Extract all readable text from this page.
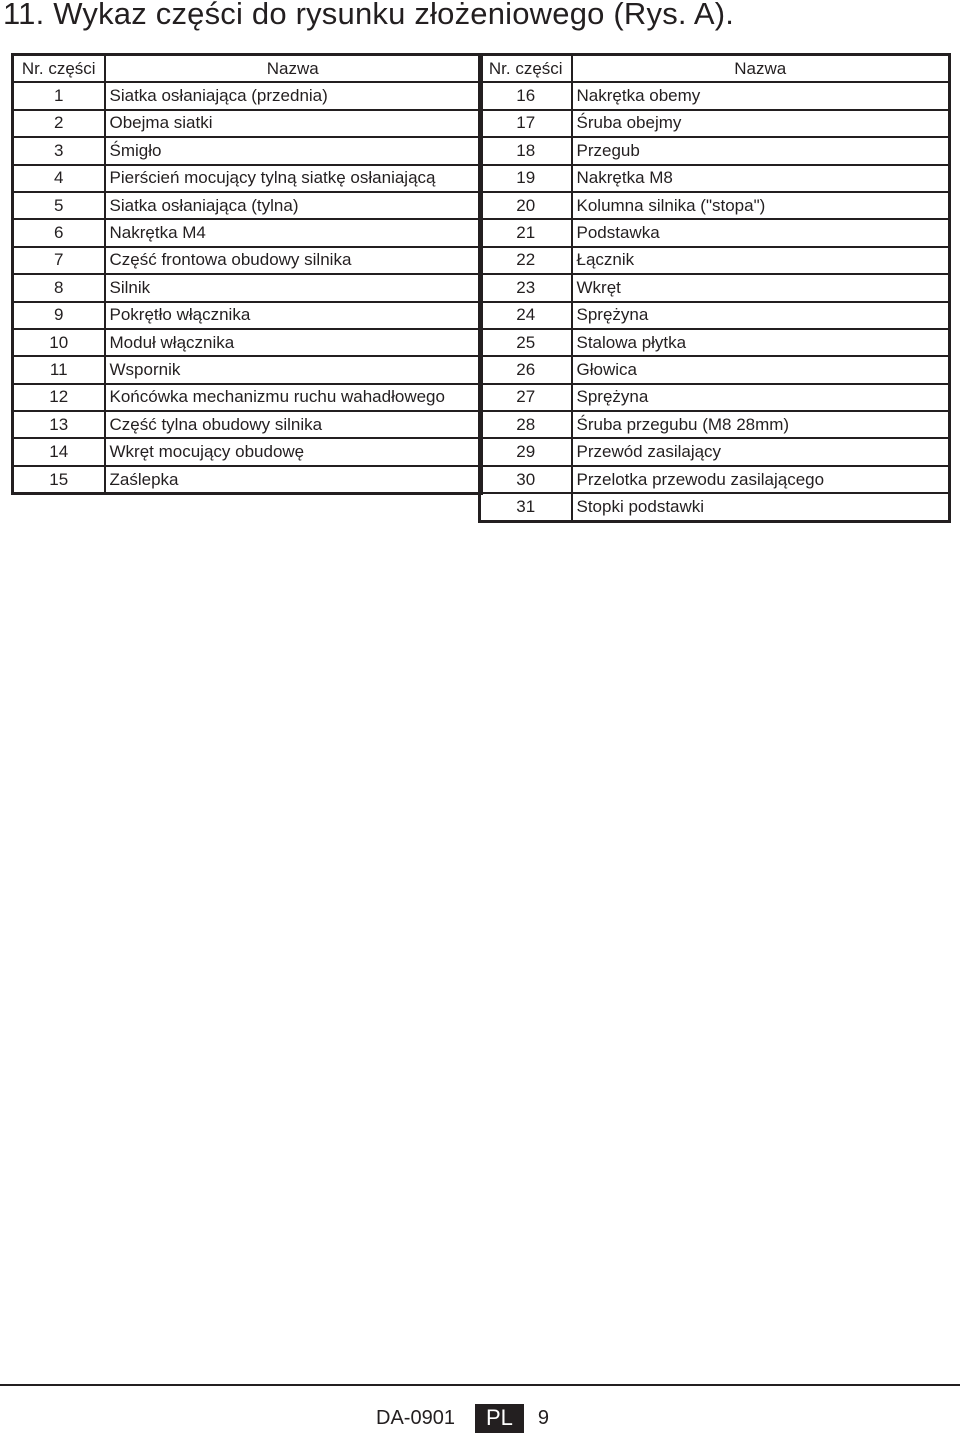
11. Wykaz części do rysunku złożeniowego (Rys. A).
Nr. części	Nazwa
1	Siatka osłaniająca (przednia)
2	Obejma siatki
3	Śmigło
4	Pierścień mocujący tylną siatkę osłaniającą
5	Siatka osłaniająca (tylna)
6	Nakrętka M4
7	Część frontowa obudowy silnika
8	Silnik
9	Pokrętło włącznika
10	Moduł włącznika
11	Wspornik
12	Końcówka mechanizmu ruchu wahadłowego
13	Część tylna obudowy silnika
14	Wkręt mocujący obudowę
15	Zaślepka
Nr. części	Nazwa
16	Nakrętka obemy
17	Śruba obejmy
18	Przegub
19	Nakrętka M8
20	Kolumna silnika ("stopa")
21	Podstawka
22	Łącznik
23	Wkręt
24	Sprężyna
25	Stalowa płytka
26	Głowica
27	Sprężyna
28	Śruba przegubu (M8 28mm)
29	Przewód zasilający
30	Przelotka przewodu zasilającego
31	Stopki podstawki
DA-0901	PL	9
